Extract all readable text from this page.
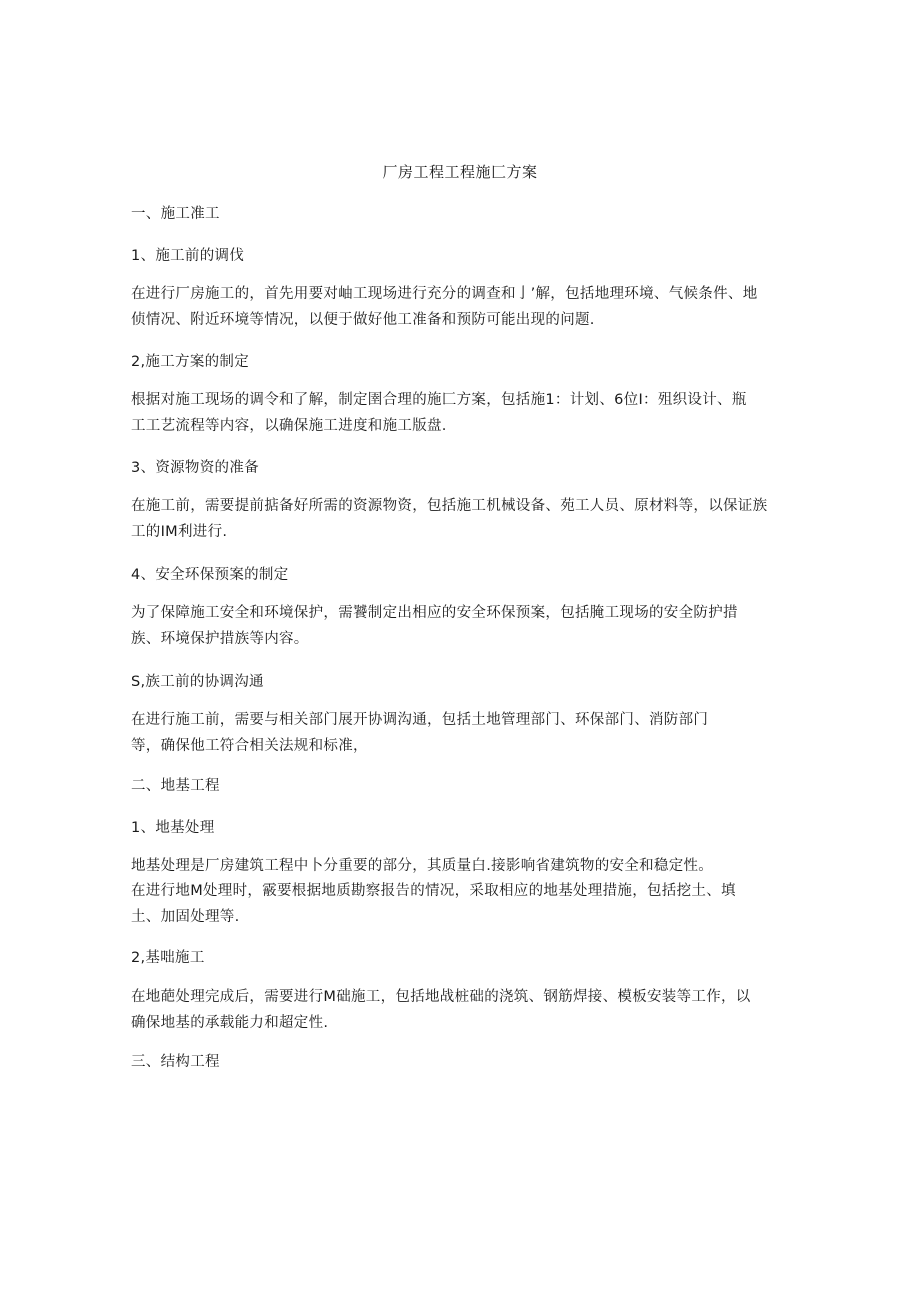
厂房工程工程施匚方案
一、施工准工
1、施工前的调伐
在进行厂房施工的，首先用要对岫工现场进行充分的调查和亅’解，包括地理环境、气候条件、地
侦情况、附近环境等情况，以便于做好他工准备和预防可能出现的问题.
2,施工方案的制定
根据对施工现场的调令和了解，制定圉合理的施匚方案，包括施1：计划、6位I：殂织设计、瓶
工工艺流程等内容，以确保施工进度和施工版盘.
3、资源物资的准备
在施工前，需要提前掂备好所需的资源物资，包括施工机械设备、苑工人员、原材料等，以保证族
工的IM利进行.
4、安全环保预案的制定
为了保障施工安全和环境保护，需饕制定出相应的安全环保预案，包括腌工现场的安全防护措
族、环境保护措族等内容。
S,族工前的协调沟通
在进行施工前，需要与相关部门展开协调沟通，包括土地管理部门、环保部门、消防部门
等，确保他工符合相关法规和标准，
二、地基工程
1、地基处理
地基处理是厂房建筑工程中卜分重要的部分，其质量白.接影响省建筑物的安全和稳定性。
在进行地M处理时，霰要根据地质勘察报告的情况，采取相应的地基处理措施，包括挖土、填
土、加固处理等.
2,基咄施工
在地葩处理完成后，需要进行M础施工，包括地战桩础的浇筑、钢筋焊接、模板安装等工作，以
确保地基的承载能力和超定性.
三、结构工程
